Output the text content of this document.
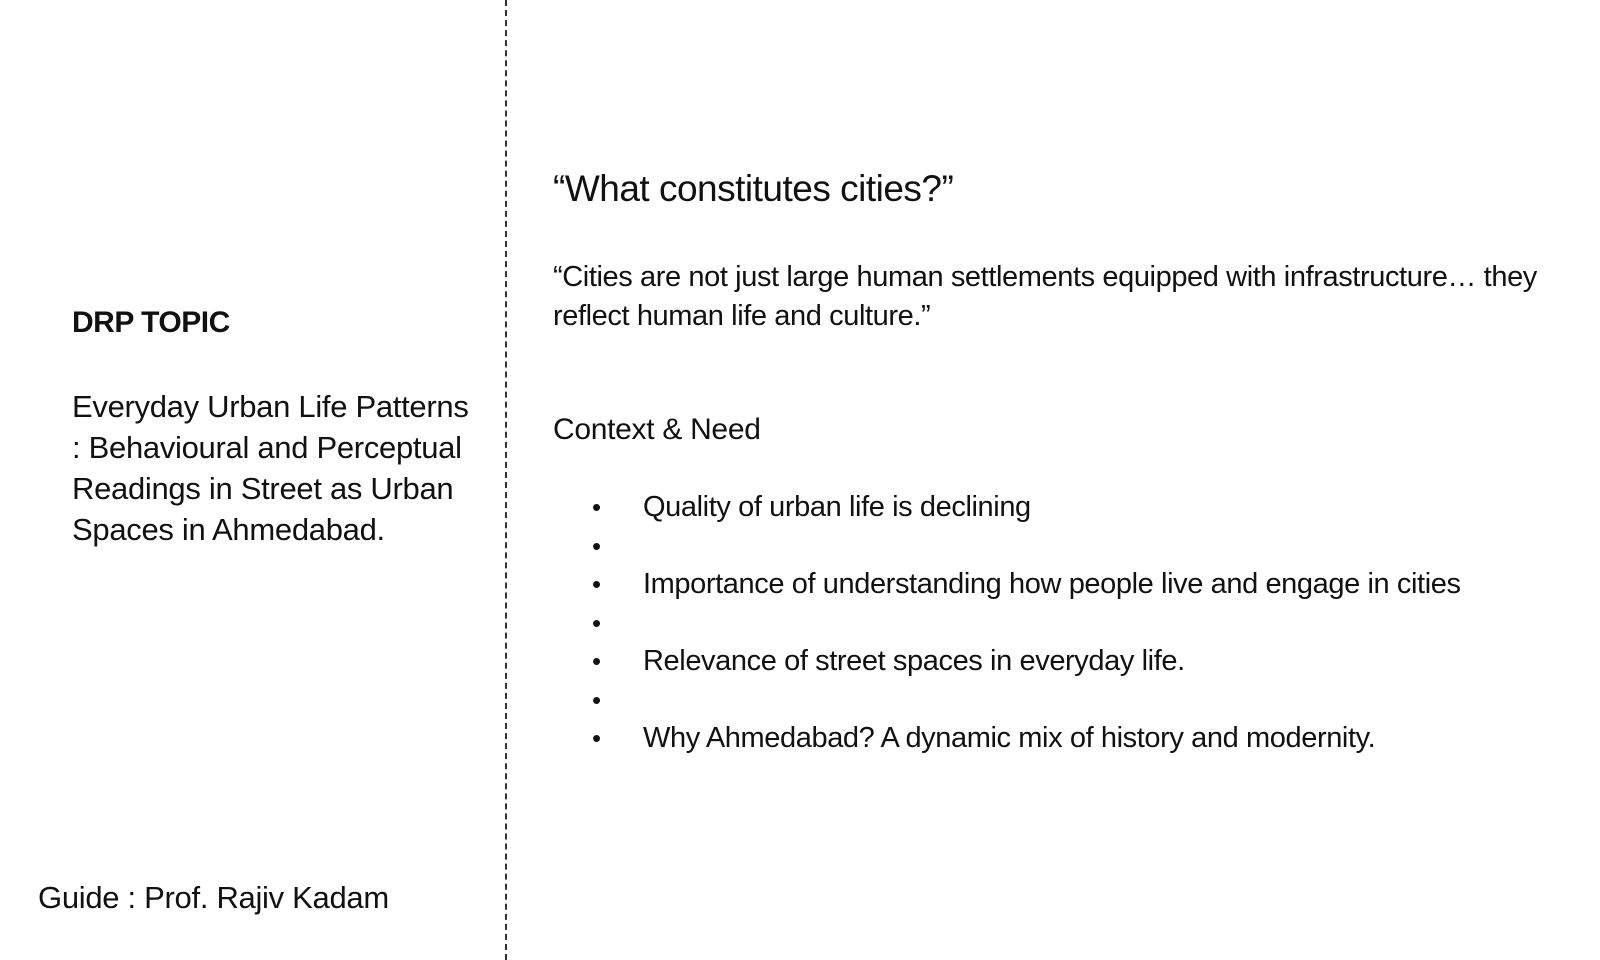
DRP TOPIC

Everyday Urban Life Patterns : Behavioural and Perceptual Readings in Street as Urban Spaces in Ahmedabad.

Guide : Prof. Rajiv Kadam

“What constitutes cities?”

“Cities are not just large human settlements equipped with infrastructure… they reflect human life and culture.”

Context & Need

• Quality of urban life is declining
•
• Importance of understanding how people live and engage in cities
•
• Relevance of street spaces in everyday life.
•
• Why Ahmedabad? A dynamic mix of history and modernity.
